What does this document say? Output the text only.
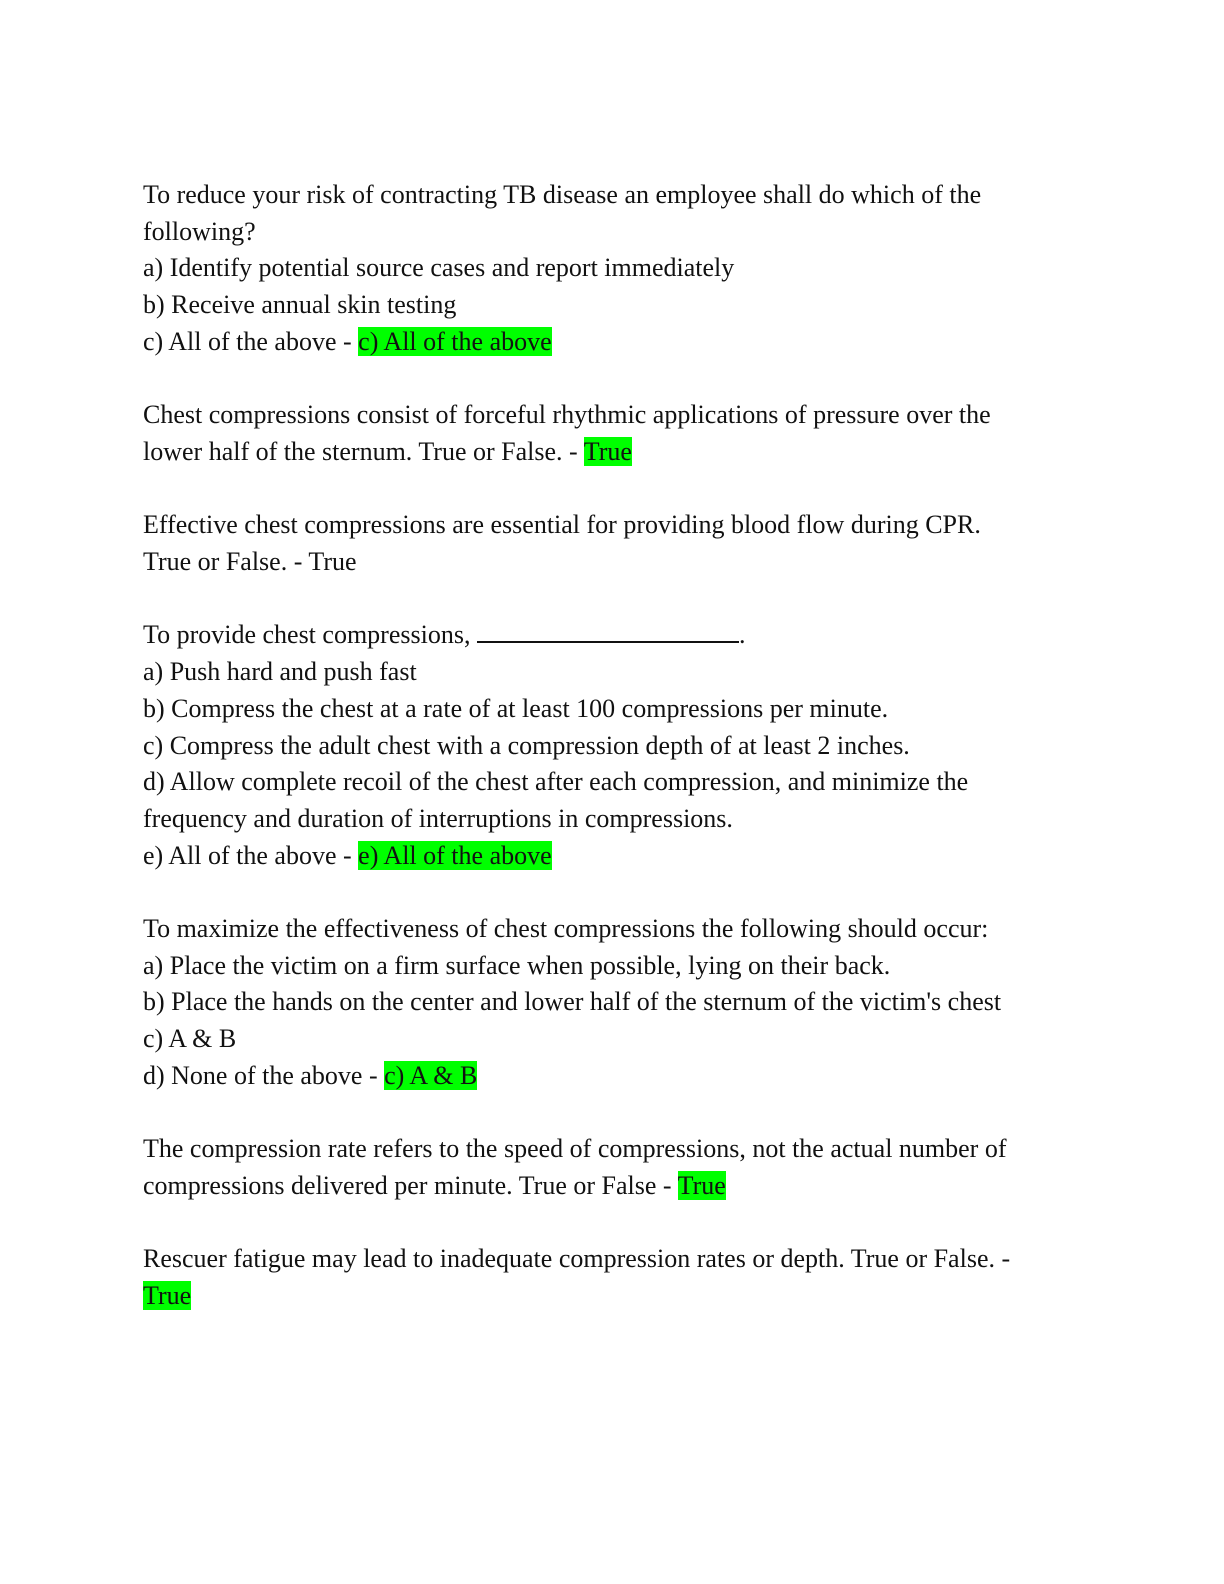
To reduce your risk of contracting TB disease an employee shall do which of the
following?
a) Identify potential source cases and report immediately
b) Receive annual skin testing
c) All of the above - c) All of the above
Chest compressions consist of forceful rhythmic applications of pressure over the
lower half of the sternum. True or False. - True
Effective chest compressions are essential for providing blood flow during CPR.
True or False. - True
To provide chest compressions,	.
a) Push hard and push fast
b) Compress the chest at a rate of at least 100 compressions per minute.
c) Compress the adult chest with a compression depth of at least 2 inches.
d) Allow complete recoil of the chest after each compression, and minimize the
frequency and duration of interruptions in compressions.
e) All of the above - e) All of the above
To maximize the effectiveness of chest compressions the following should occur:
a) Place the victim on a firm surface when possible, lying on their back.
b) Place the hands on the center and lower half of the sternum of the victim's chest
c) A & B
d) None of the above - c) A & B
The compression rate refers to the speed of compressions, not the actual number of
compressions delivered per minute. True or False - True
Rescuer fatigue may lead to inadequate compression rates or depth. True or False. -
True
